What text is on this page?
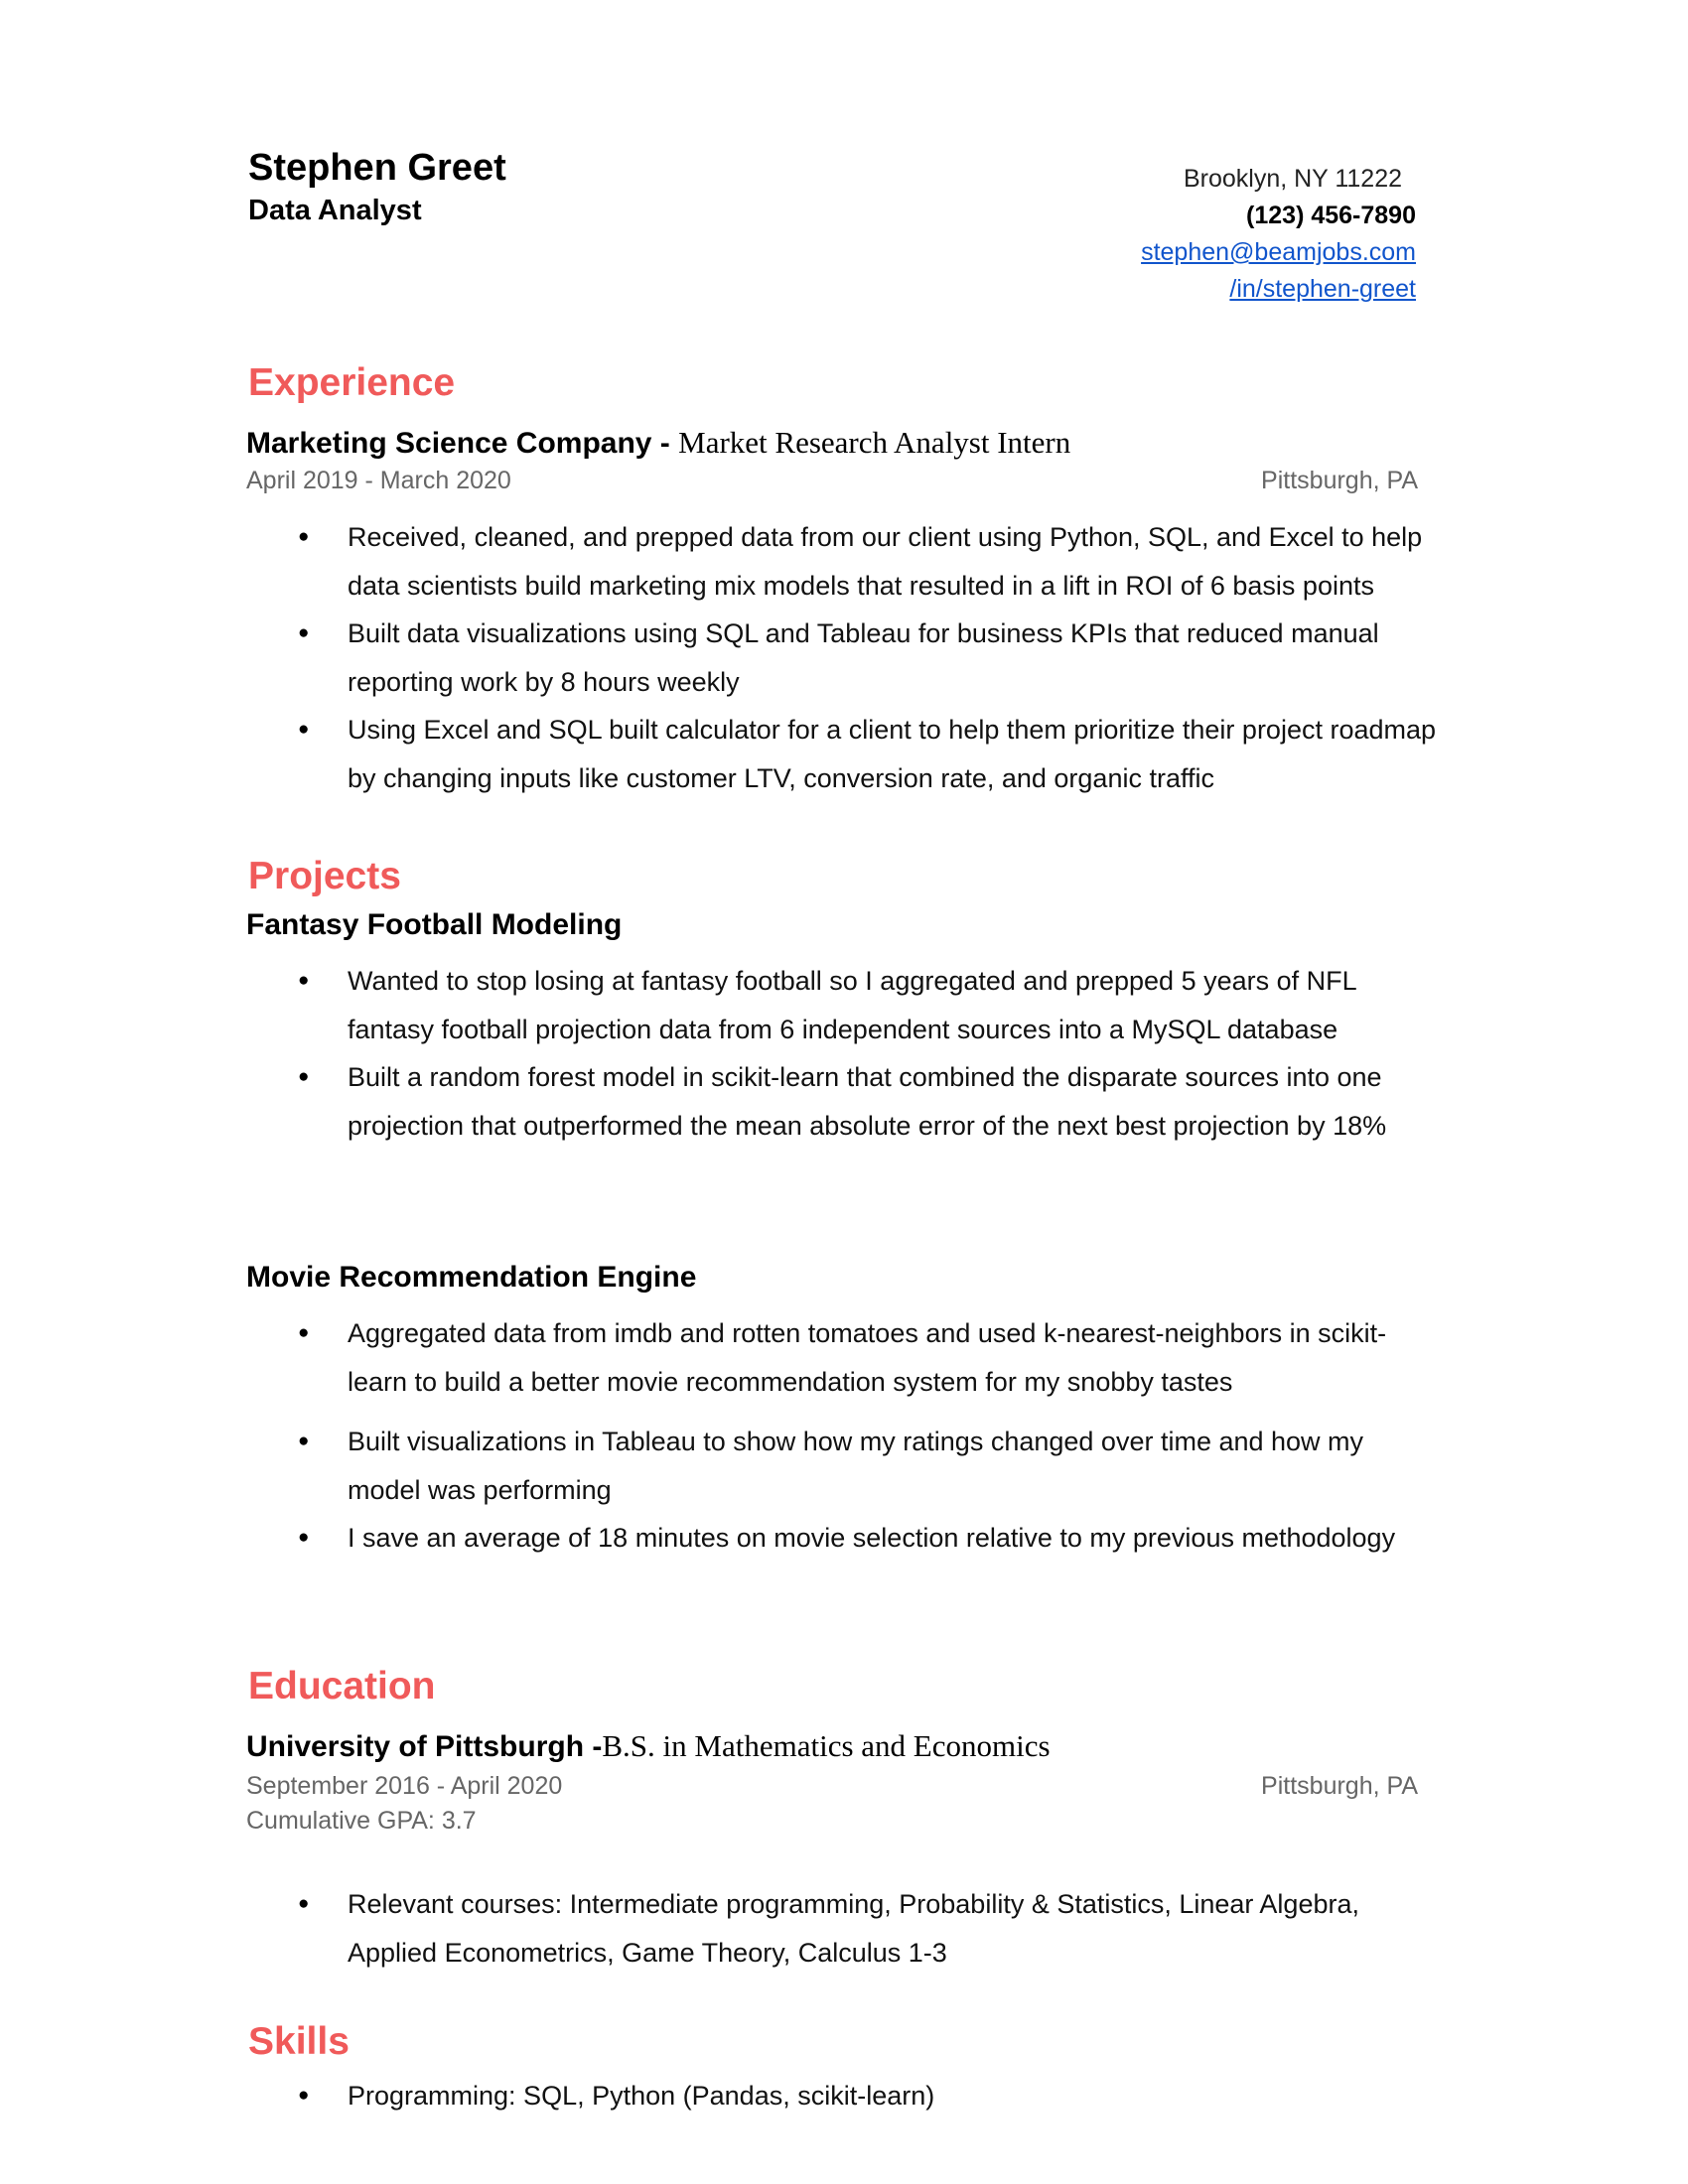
Stephen Greet
Data Analyst
Brooklyn, NY 11222
(123) 456-7890
stephen@beamjobs.com
/in/stephen-greet
Experience
Marketing Science Company - Market Research Analyst Intern
April 2019 - March 2020	Pittsburgh, PA
● Received, cleaned, and prepped data from our client using Python, SQL, and Excel to help data scientists build marketing mix models that resulted in a lift in ROI of 6 basis points
● Built data visualizations using SQL and Tableau for business KPIs that reduced manual reporting work by 8 hours weekly
● Using Excel and SQL built calculator for a client to help them prioritize their project roadmap by changing inputs like customer LTV, conversion rate, and organic traffic
Projects
Fantasy Football Modeling
● Wanted to stop losing at fantasy football so I aggregated and prepped 5 years of NFL fantasy football projection data from 6 independent sources into a MySQL database
● Built a random forest model in scikit-learn that combined the disparate sources into one projection that outperformed the mean absolute error of the next best projection by 18%
Movie Recommendation Engine
● Aggregated data from imdb and rotten tomatoes and used k-nearest-neighbors in scikit-learn to build a better movie recommendation system for my snobby tastes
● Built visualizations in Tableau to show how my ratings changed over time and how my model was performing
● I save an average of 18 minutes on movie selection relative to my previous methodology
Education
University of Pittsburgh -B.S. in Mathematics and Economics
September 2016 - April 2020	Pittsburgh, PA
Cumulative GPA: 3.7
● Relevant courses: Intermediate programming, Probability & Statistics, Linear Algebra, Applied Econometrics, Game Theory, Calculus 1-3
Skills
● Programming: SQL, Python (Pandas, scikit-learn)
